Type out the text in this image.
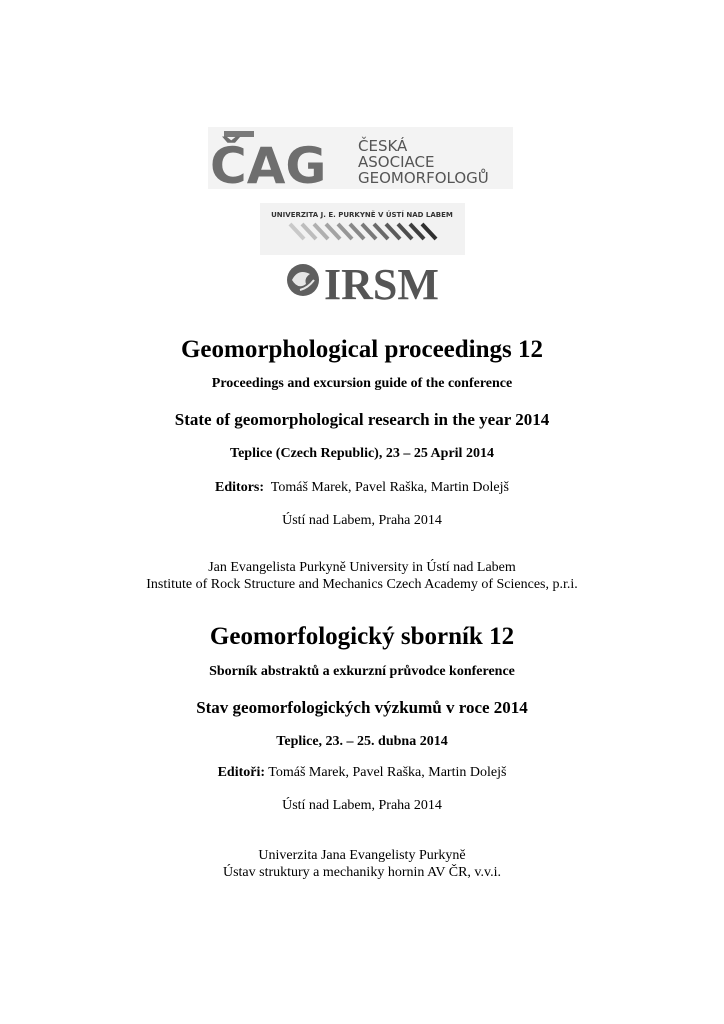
ČAG ČESKÁ
ASOCIACE
GEOMORFOLOGŮ
UNIVERZITA J. E. PURKYNĚ V ÚSTÍ NAD LABEM
IRSM
Geomorphological proceedings 12
Proceedings and excursion guide of the conference
State of geomorphological research in the year 2014
Teplice (Czech Republic), 23 – 25 April 2014
Editors: Tomáš Marek, Pavel Raška, Martin Dolejš
Ústí nad Labem, Praha 2014
Jan Evangelista Purkyně University in Ústí nad Labem
Institute of Rock Structure and Mechanics Czech Academy of Sciences, p.r.i.
Geomorfologický sborník 12
Sborník abstraktů a exkurzní průvodce konference
Stav geomorfologických výzkumů v roce 2014
Teplice, 23. – 25. dubna 2014
Editoři: Tomáš Marek, Pavel Raška, Martin Dolejš
Ústí nad Labem, Praha 2014
Univerzita Jana Evangelisty Purkyně
Ústav struktury a mechaniky hornin AV ČR, v.v.i.
